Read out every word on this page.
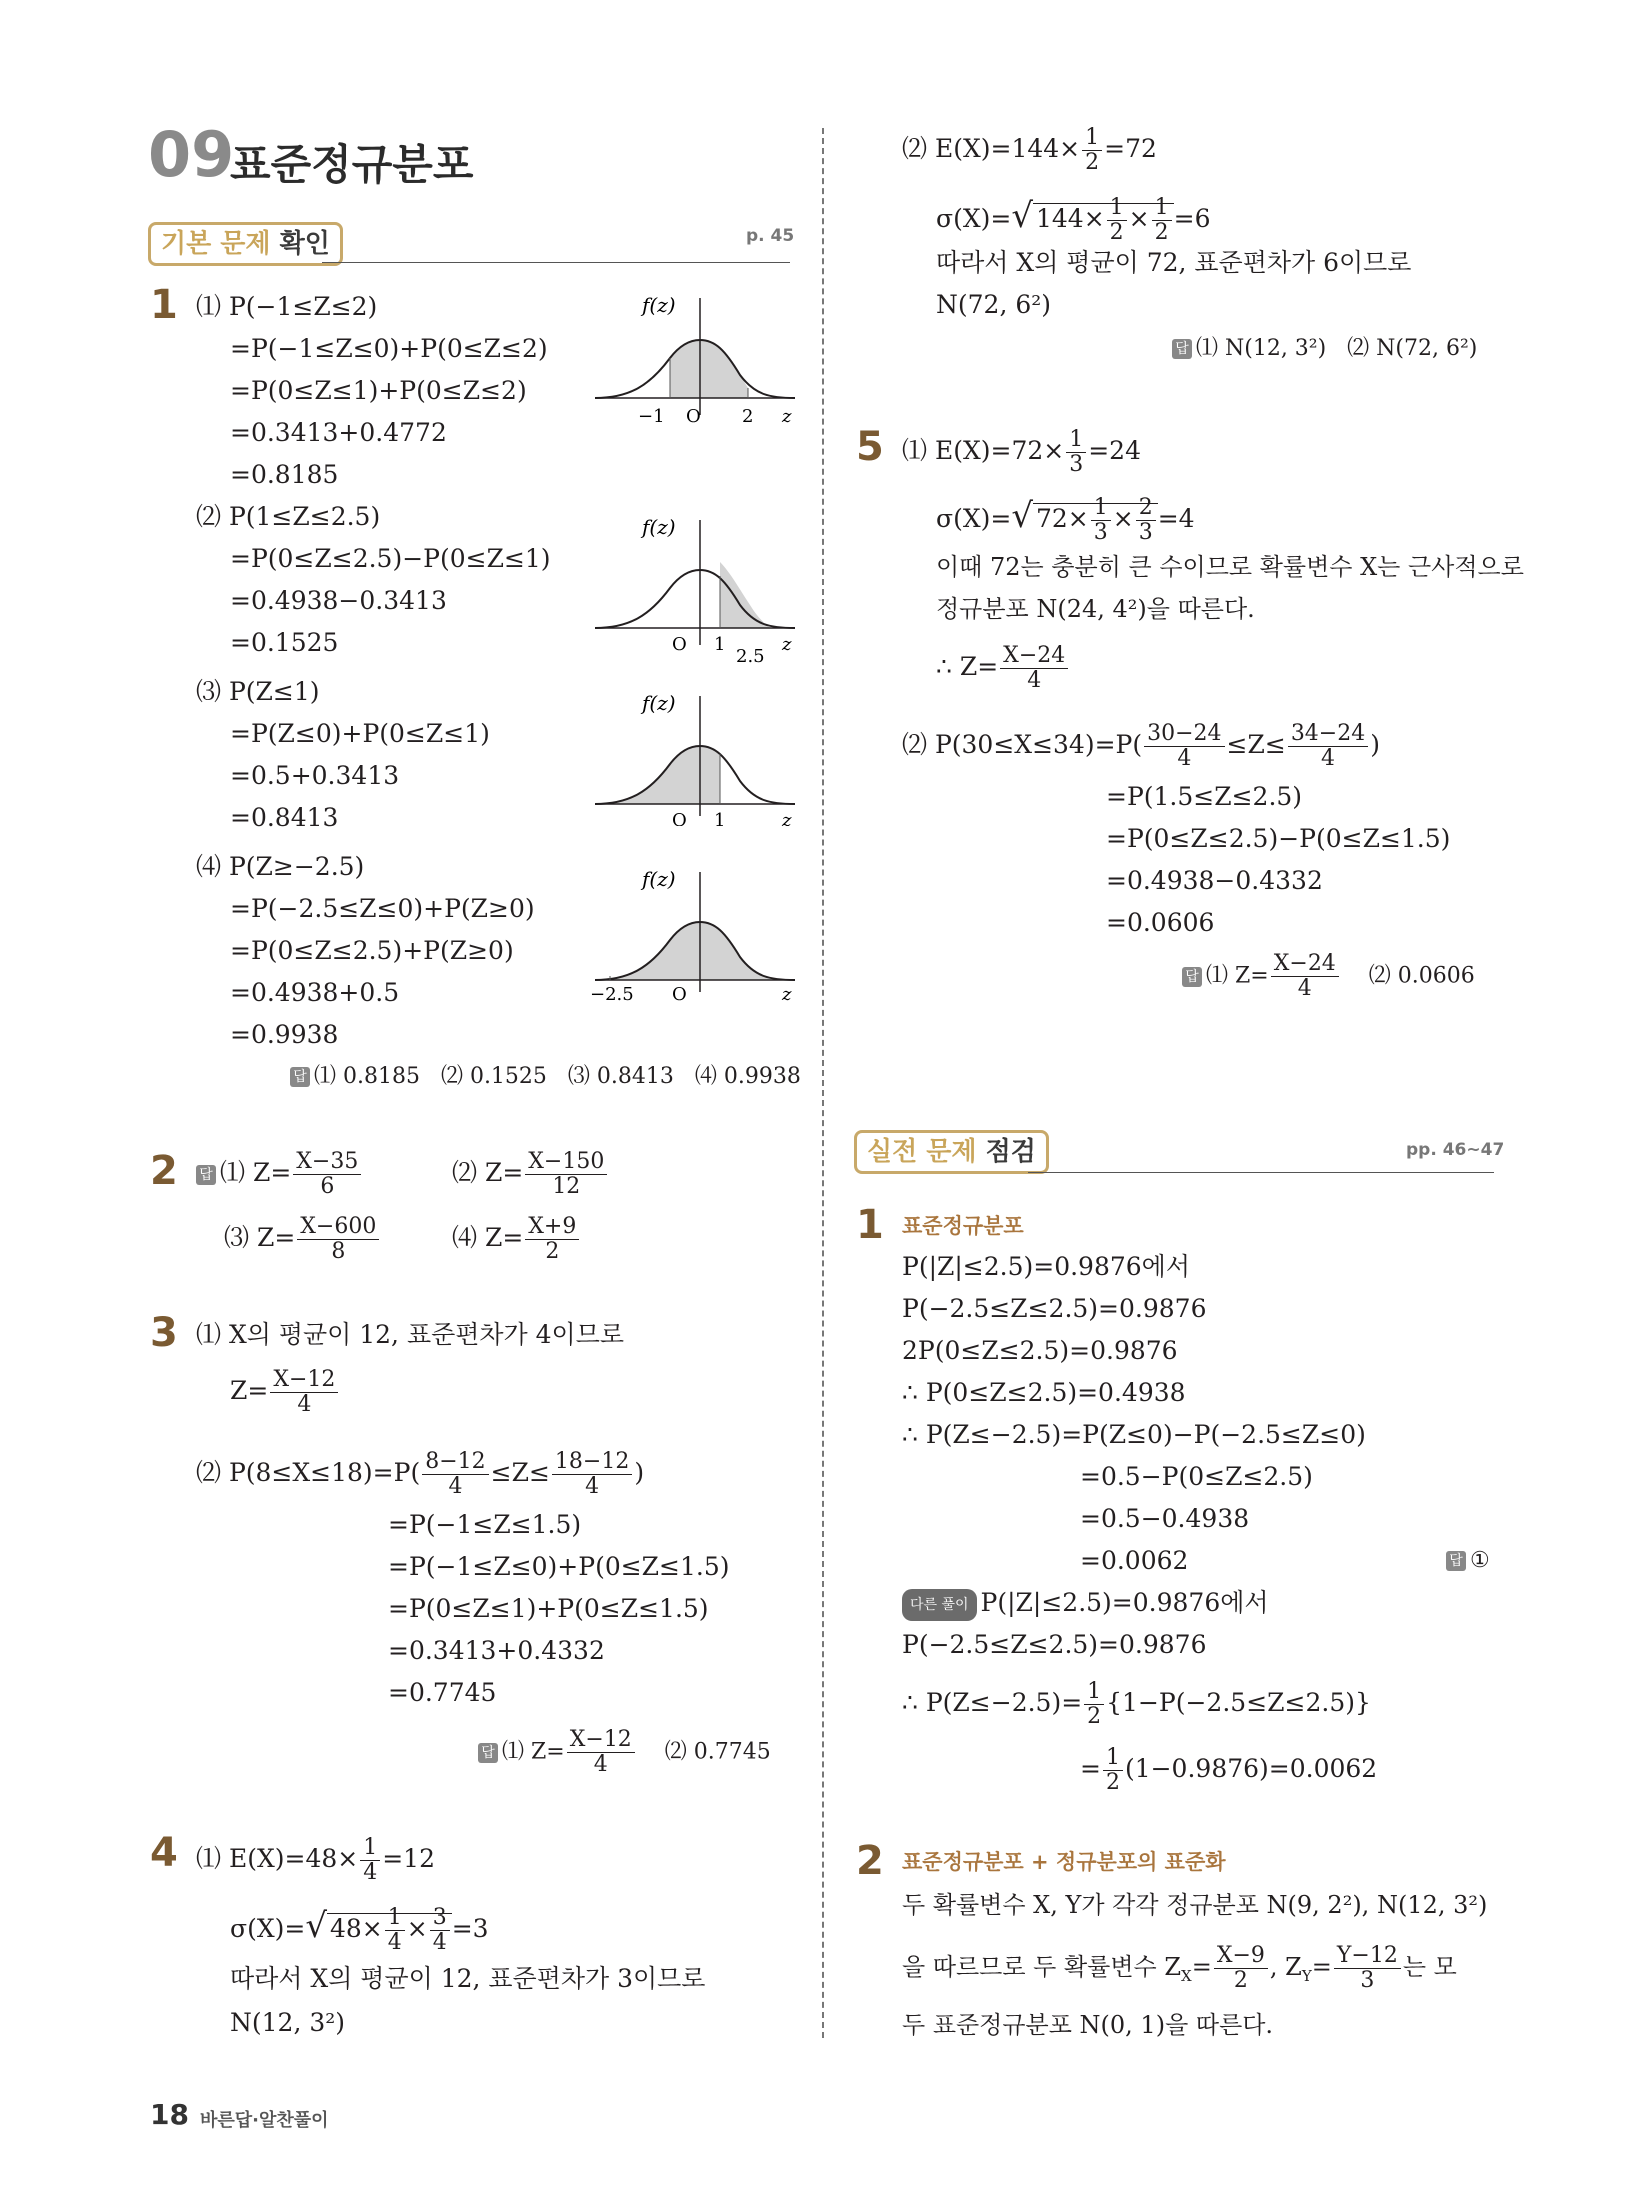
09
표준정규분포
기본 문제 확인	p. 45
1 ⑴ P(−1≤Z≤2)
=P(−1≤Z≤0)+P(0≤Z≤2)
=P(0≤Z≤1)+P(0≤Z≤2)
=0.3413+0.4772
=0.8185
⑵ P(1≤Z≤2.5)
=P(0≤Z≤2.5)−P(0≤Z≤1)
=0.4938−0.3413
=0.1525
⑶ P(Z≤1)
=P(Z≤0)+P(0≤Z≤1)
=0.5+0.3413
=0.8413
⑷ P(Z≥−2.5)
=P(−2.5≤Z≤0)+P(Z≥0)
=P(0≤Z≤2.5)+P(Z≥0)
=0.4938+0.5
=0.9938
답 ⑴ 0.8185   ⑵ 0.1525   ⑶ 0.8413   ⑷ 0.9938
f(z)
−1 O 2 z
f(z)
O 1
2.5
z
f(z)
O 1	z
f(z)
−2.5 O	z
2 답 ⑴ $Z= \frac{X-35}{6}$	⑵ $Z= \frac{X-150}{12}$
⑶ $Z= \frac{X-600}{8}$	⑷ $Z= \frac{X+9}{2}$
3 ⑴ X의 평균이 12, 표준편차가 4이므로
$Z= \frac{X-12}{4}$
⑵ $P(8\le X\le 18)=P( \frac{8-12}{4} \le Z\le \frac{18-12}{4}$ )
=P(−1≤Z≤1.5)
=P(−1≤Z≤0)+P(0≤Z≤1.5)
=P(0≤Z≤1)+P(0≤Z≤1.5)
=0.3413+0.4332
=0.7745
답 ⑴ $Z= \frac{X-12}{4}$ ⑵ 0.7745
4 ⑴ $E(X)=48\times \frac{1}{4} =12$
σ(X)=√ $48\times \frac{1}{4} \times \frac{3}{4} =3$
따라서 X의 평균이 12, 표준편차가 3이므로
N(12, 3²)
⑵ $E(X)=144\times \frac{1}{2} =72$
σ(X)=√ $144\times \frac{1}{2} \times \frac{1}{2} =6$
따라서 X의 평균이 72, 표준편차가 6이므로
N(72, 6²)
답 ⑴ N(12, 3²)   ⑵ N(72, 6²)
5 ⑴ $E(X)=72\times \frac{1}{3} =24$
σ(X)=√ $72\times \frac{1}{3} \times \frac{2}{3} =4$
이때 72는 충분히 큰 수이므로 확률변수 X는 근사적으로
정규분포 N(24, 4²)을 따른다.
∴ $Z= \frac{X-24}{4}$
⑵ $P(30\le X\le 34)=P( \frac{30-24}{4} \le Z\le \frac{34-24}{4}$ )
=P(1.5≤Z≤2.5)
=P(0≤Z≤2.5)−P(0≤Z≤1.5)
=0.4938−0.4332
=0.0606
답 ⑴ $Z= \frac{X-24}{4}$ ⑵ 0.0606
실전 문제 점검	pp. 46~47
1 표준정규분포
P(|Z|≤2.5)=0.9876에서
P(−2.5≤Z≤2.5)=0.9876
2P(0≤Z≤2.5)=0.9876
∴ P(0≤Z≤2.5)=0.4938
∴ P(Z≤−2.5)=P(Z≤0)−P(−2.5≤Z≤0)
=0.5−P(0≤Z≤2.5)
=0.5−0.4938
=0.0062	답 ①
다른 풀이 P(|Z|≤2.5)=0.9876에서
P(−2.5≤Z≤2.5)=0.9876
∴ $P(Z\le-2.5)= \frac{1}{2} \{1-P(-2.5\le Z\le 2.5)\}$
= $\frac{1}{2} (1-0.9876)=0.0062$
2 표준정규분포 + 정규분포의 표준화
두 확률변수 X, Y가 각각 정규분포 N(9, 2²), N(12, 3²)
을 따르므로 두 확률변수 $Z_X= \frac{X-9}{2}$ , $Z_Y= \frac{Y-12}{3}$ 는 모
두 표준정규분포 N(0, 1)을 따른다.
18 바른답·알찬풀이
